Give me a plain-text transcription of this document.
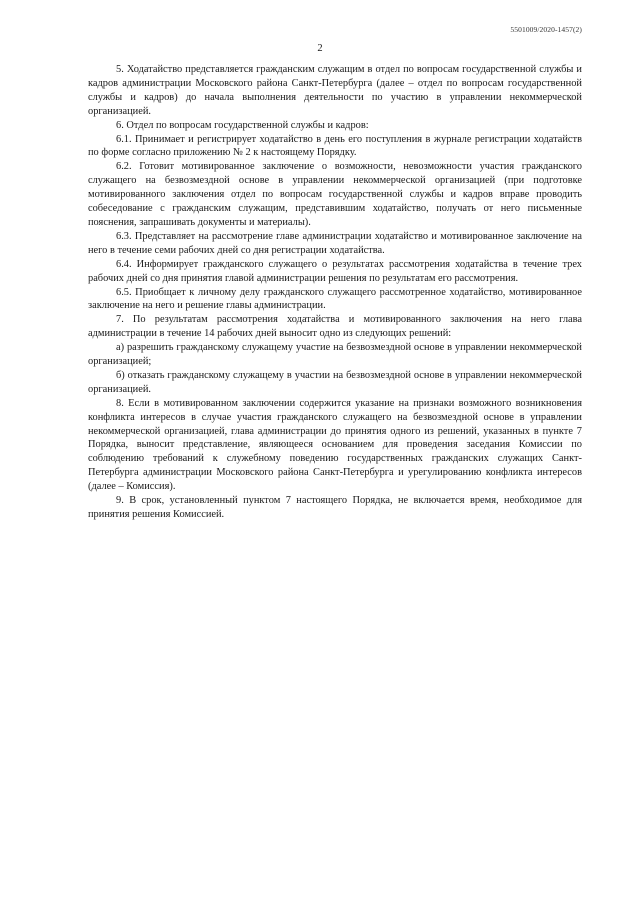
5501009/2020-1457(2)
2

5. Ходатайство представляется гражданским служащим в отдел по вопросам государственной службы и кадров администрации Московского района Санкт-Петербурга (далее – отдел по вопросам государственной службы и кадров) до начала выполнения деятельности по участию в управлении некоммерческой организацией.

6. Отдел по вопросам государственной службы и кадров:

6.1. Принимает и регистрирует ходатайство в день его поступления в журнале регистрации ходатайств по форме согласно приложению № 2 к настоящему Порядку.

6.2. Готовит мотивированное заключение о возможности, невозможности участия гражданского служащего на безвозмездной основе в управлении некоммерческой организацией (при подготовке мотивированного заключения отдел по вопросам государственной службы и кадров вправе проводить собеседование с гражданским служащим, представившим ходатайство, получать от него письменные пояснения, запрашивать документы и материалы).

6.3. Представляет на рассмотрение главе администрации ходатайство и мотивированное заключение на него в течение семи рабочих дней со дня регистрации ходатайства.

6.4. Информирует гражданского служащего о результатах рассмотрения ходатайства в течение трех рабочих дней со дня принятия главой администрации решения по результатам его рассмотрения.

6.5. Приобщает к личному делу гражданского служащего рассмотренное ходатайство, мотивированное заключение на него и решение главы администрации.

7. По результатам рассмотрения ходатайства и мотивированного заключения на него глава администрации в течение 14 рабочих дней выносит одно из следующих решений:

а) разрешить гражданскому служащему участие на безвозмездной основе в управлении некоммерческой организацией;

б) отказать гражданскому служащему в участии на безвозмездной основе в управлении некоммерческой организацией.

8. Если в мотивированном заключении содержится указание на признаки возможного возникновения конфликта интересов в случае участия гражданского служащего на безвозмездной основе в управлении некоммерческой организацией, глава администрации до принятия одного из решений, указанных в пункте 7 Порядка, выносит представление, являющееся основанием для проведения заседания Комиссии по соблюдению требований к служебному поведению государственных гражданских служащих Санкт-Петербурга администрации Московского района Санкт-Петербурга и урегулированию конфликта интересов (далее – Комиссия).

9. В срок, установленный пунктом 7 настоящего Порядка, не включается время, необходимое для принятия решения Комиссией.
